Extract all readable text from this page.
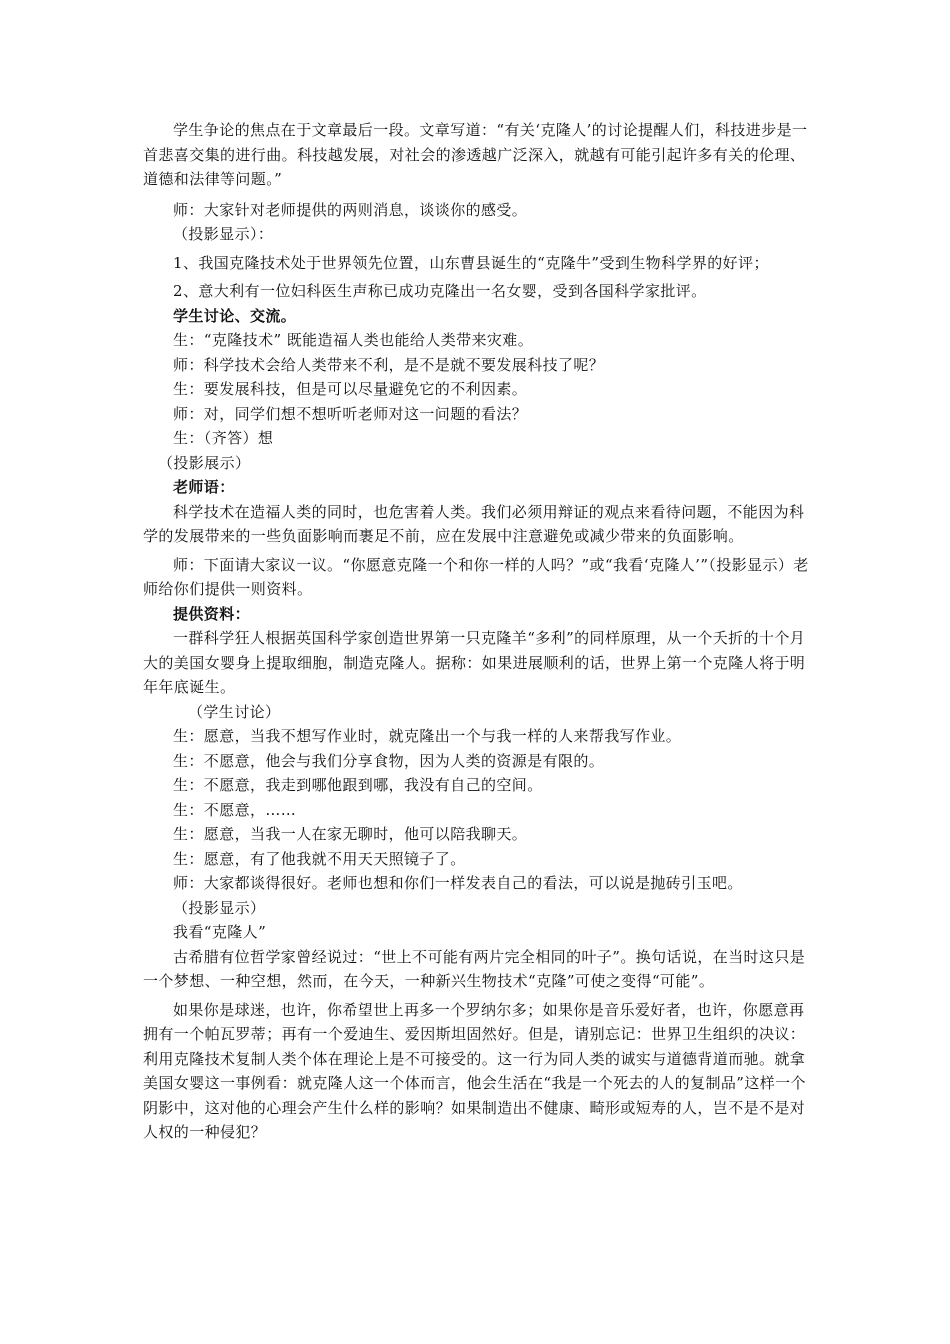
学生争论的焦点在于文章最后一段。文章写道：“有关‘克隆人’的讨论提醒人们，科技进步是一首悲喜交集的进行曲。科技越发展，对社会的渗透越广泛深入，就越有可能引起许多有关的伦理、道德和法律等问题。”

师：大家针对老师提供的两则消息，谈谈你的感受。

（投影显示）：

1、我国克隆技术处于世界领先位置，山东曹县诞生的“克隆牛”受到生物科学界的好评；

2、意大利有一位妇科医生声称已成功克隆出一名女婴，受到各国科学家批评。

学生讨论、交流。

生：“克隆技术” 既能造福人类也能给人类带来灾难。

师：科学技术会给人类带来不利，是不是就不要发展科技了呢？

生：要发展科技，但是可以尽量避免它的不利因素。

师：对，同学们想不想听听老师对这一问题的看法？

生：（齐答）想

（投影展示）

老师语：

科学技术在造福人类的同时，也危害着人类。我们必须用辩证的观点来看待问题，不能因为科学的发展带来的一些负面影响而裹足不前，应在发展中注意避免或减少带来的负面影响。

师：下面请大家议一议。“你愿意克隆一个和你一样的人吗？”或“我看‘克隆人’”（投影显示）老师给你们提供一则资料。

提供资料：

一群科学狂人根据英国科学家创造世界第一只克隆羊“多利”的同样原理，从一个夭折的十个月大的美国女婴身上提取细胞，制造克隆人。据称：如果进展顺利的话，世界上第一个克隆人将于明年年底诞生。

（学生讨论）

生：愿意，当我不想写作业时，就克隆出一个与我一样的人来帮我写作业。

生：不愿意，他会与我们分享食物，因为人类的资源是有限的。

生：不愿意，我走到哪他跟到哪，我没有自己的空间。

生：不愿意，……

生：愿意，当我一人在家无聊时，他可以陪我聊天。

生：愿意，有了他我就不用天天照镜子了。

师：大家都谈得很好。老师也想和你们一样发表自己的看法，可以说是抛砖引玉吧。

（投影显示）

我看“克隆人”

古希腊有位哲学家曾经说过：“世上不可能有两片完全相同的叶子”。换句话说，在当时这只是一个梦想、一种空想，然而，在今天，一种新兴生物技术“克隆”可使之变得“可能”。

如果你是球迷，也许，你希望世上再多一个罗纳尔多；如果你是音乐爱好者，也许，你愿意再拥有一个帕瓦罗蒂；再有一个爱迪生、爱因斯坦固然好。但是，请别忘记：世界卫生组织的决议：利用克隆技术复制人类个体在理论上是不可接受的。这一行为同人类的诚实与道德背道而驰。就拿美国女婴这一事例看：就克隆人这一个体而言，他会生活在“我是一个死去的人的复制品”这样一个阴影中，这对他的心理会产生什么样的影响？如果制造出不健康、畸形或短寿的人，岂不是不是对人权的一种侵犯？
